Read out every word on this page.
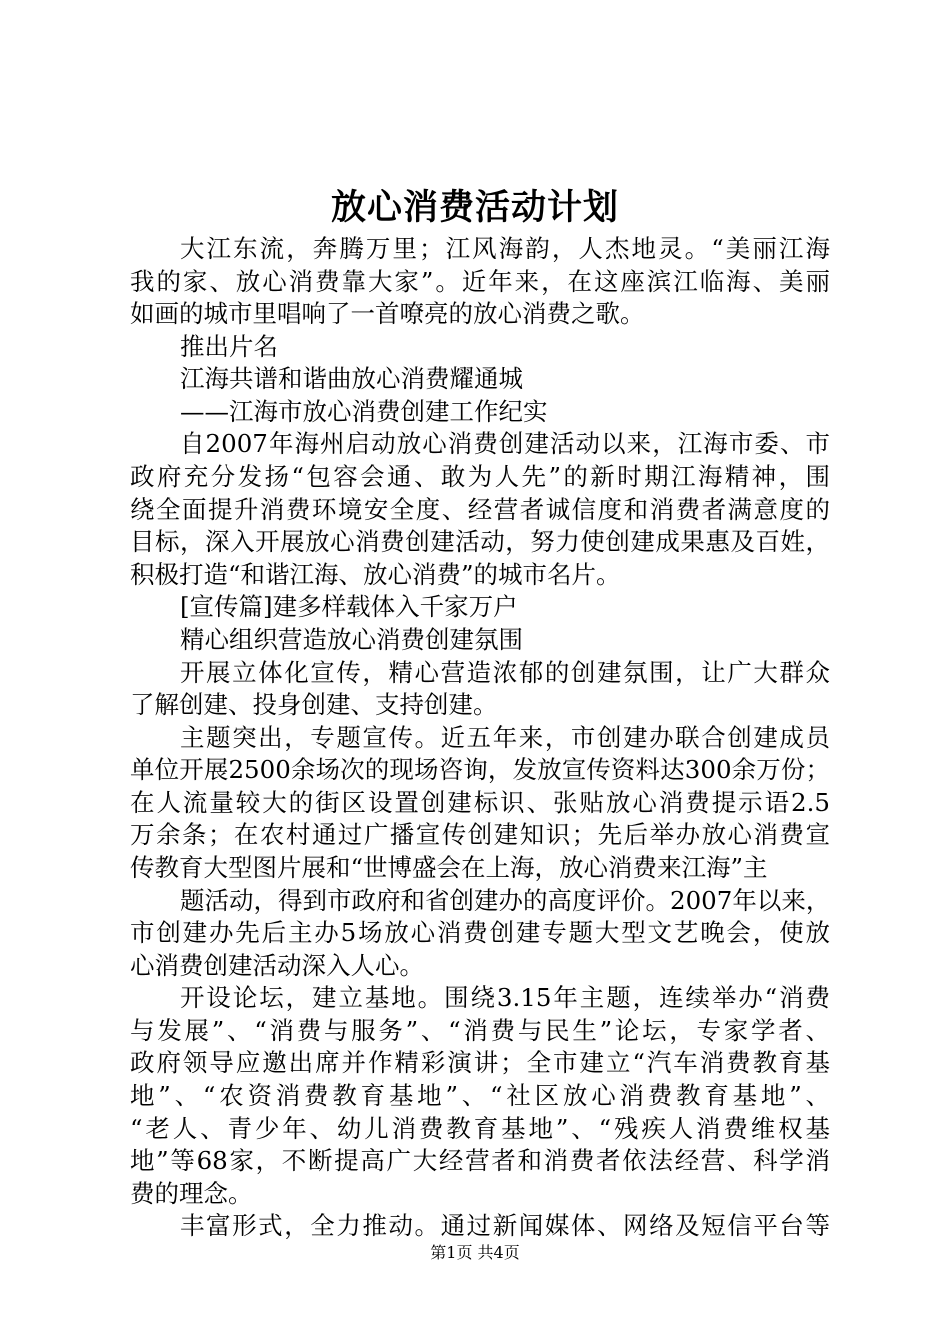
放心消费活动计划
大江东流，奔腾万里；江风海韵，人杰地灵。“美丽江海
我的家、放心消费靠大家”。近年来，在这座滨江临海、美丽
如画的城市里唱响了一首嘹亮的放心消费之歌。
推出片名
江海共谱和谐曲放心消费耀通城
——江海市放心消费创建工作纪实
自2007年海州启动放心消费创建活动以来，江海市委、市
政府充分发扬“包容会通、敢为人先”的新时期江海精神，围
绕全面提升消费环境安全度、经营者诚信度和消费者满意度的
目标，深入开展放心消费创建活动，努力使创建成果惠及百姓，
积极打造“和谐江海、放心消费”的城市名片。
[宣传篇]建多样载体入千家万户
精心组织营造放心消费创建氛围
开展立体化宣传，精心营造浓郁的创建氛围，让广大群众
了解创建、投身创建、支持创建。
主题突出，专题宣传。近五年来，市创建办联合创建成员
单位开展2500余场次的现场咨询，发放宣传资料达300余万份；
在人流量较大的街区设置创建标识、张贴放心消费提示语2.5
万余条；在农村通过广播宣传创建知识；先后举办放心消费宣
传教育大型图片展和“世博盛会在上海，放心消费来江海”主
题活动，得到市政府和省创建办的高度评价。2007年以来，
市创建办先后主办5场放心消费创建专题大型文艺晚会，使放
心消费创建活动深入人心。
开设论坛，建立基地。围绕3.15年主题，连续举办“消费
与发展”、“消费与服务”、“消费与民生”论坛，专家学者、
政府领导应邀出席并作精彩演讲；全市建立“汽车消费教育基
地”、“农资消费教育基地”、“社区放心消费教育基地”、
“老人、青少年、幼儿消费教育基地”、“残疾人消费维权基
地”等68家，不断提高广大经营者和消费者依法经营、科学消
费的理念。
丰富形式，全力推动。通过新闻媒体、网络及短信平台等
第1页 共4页
